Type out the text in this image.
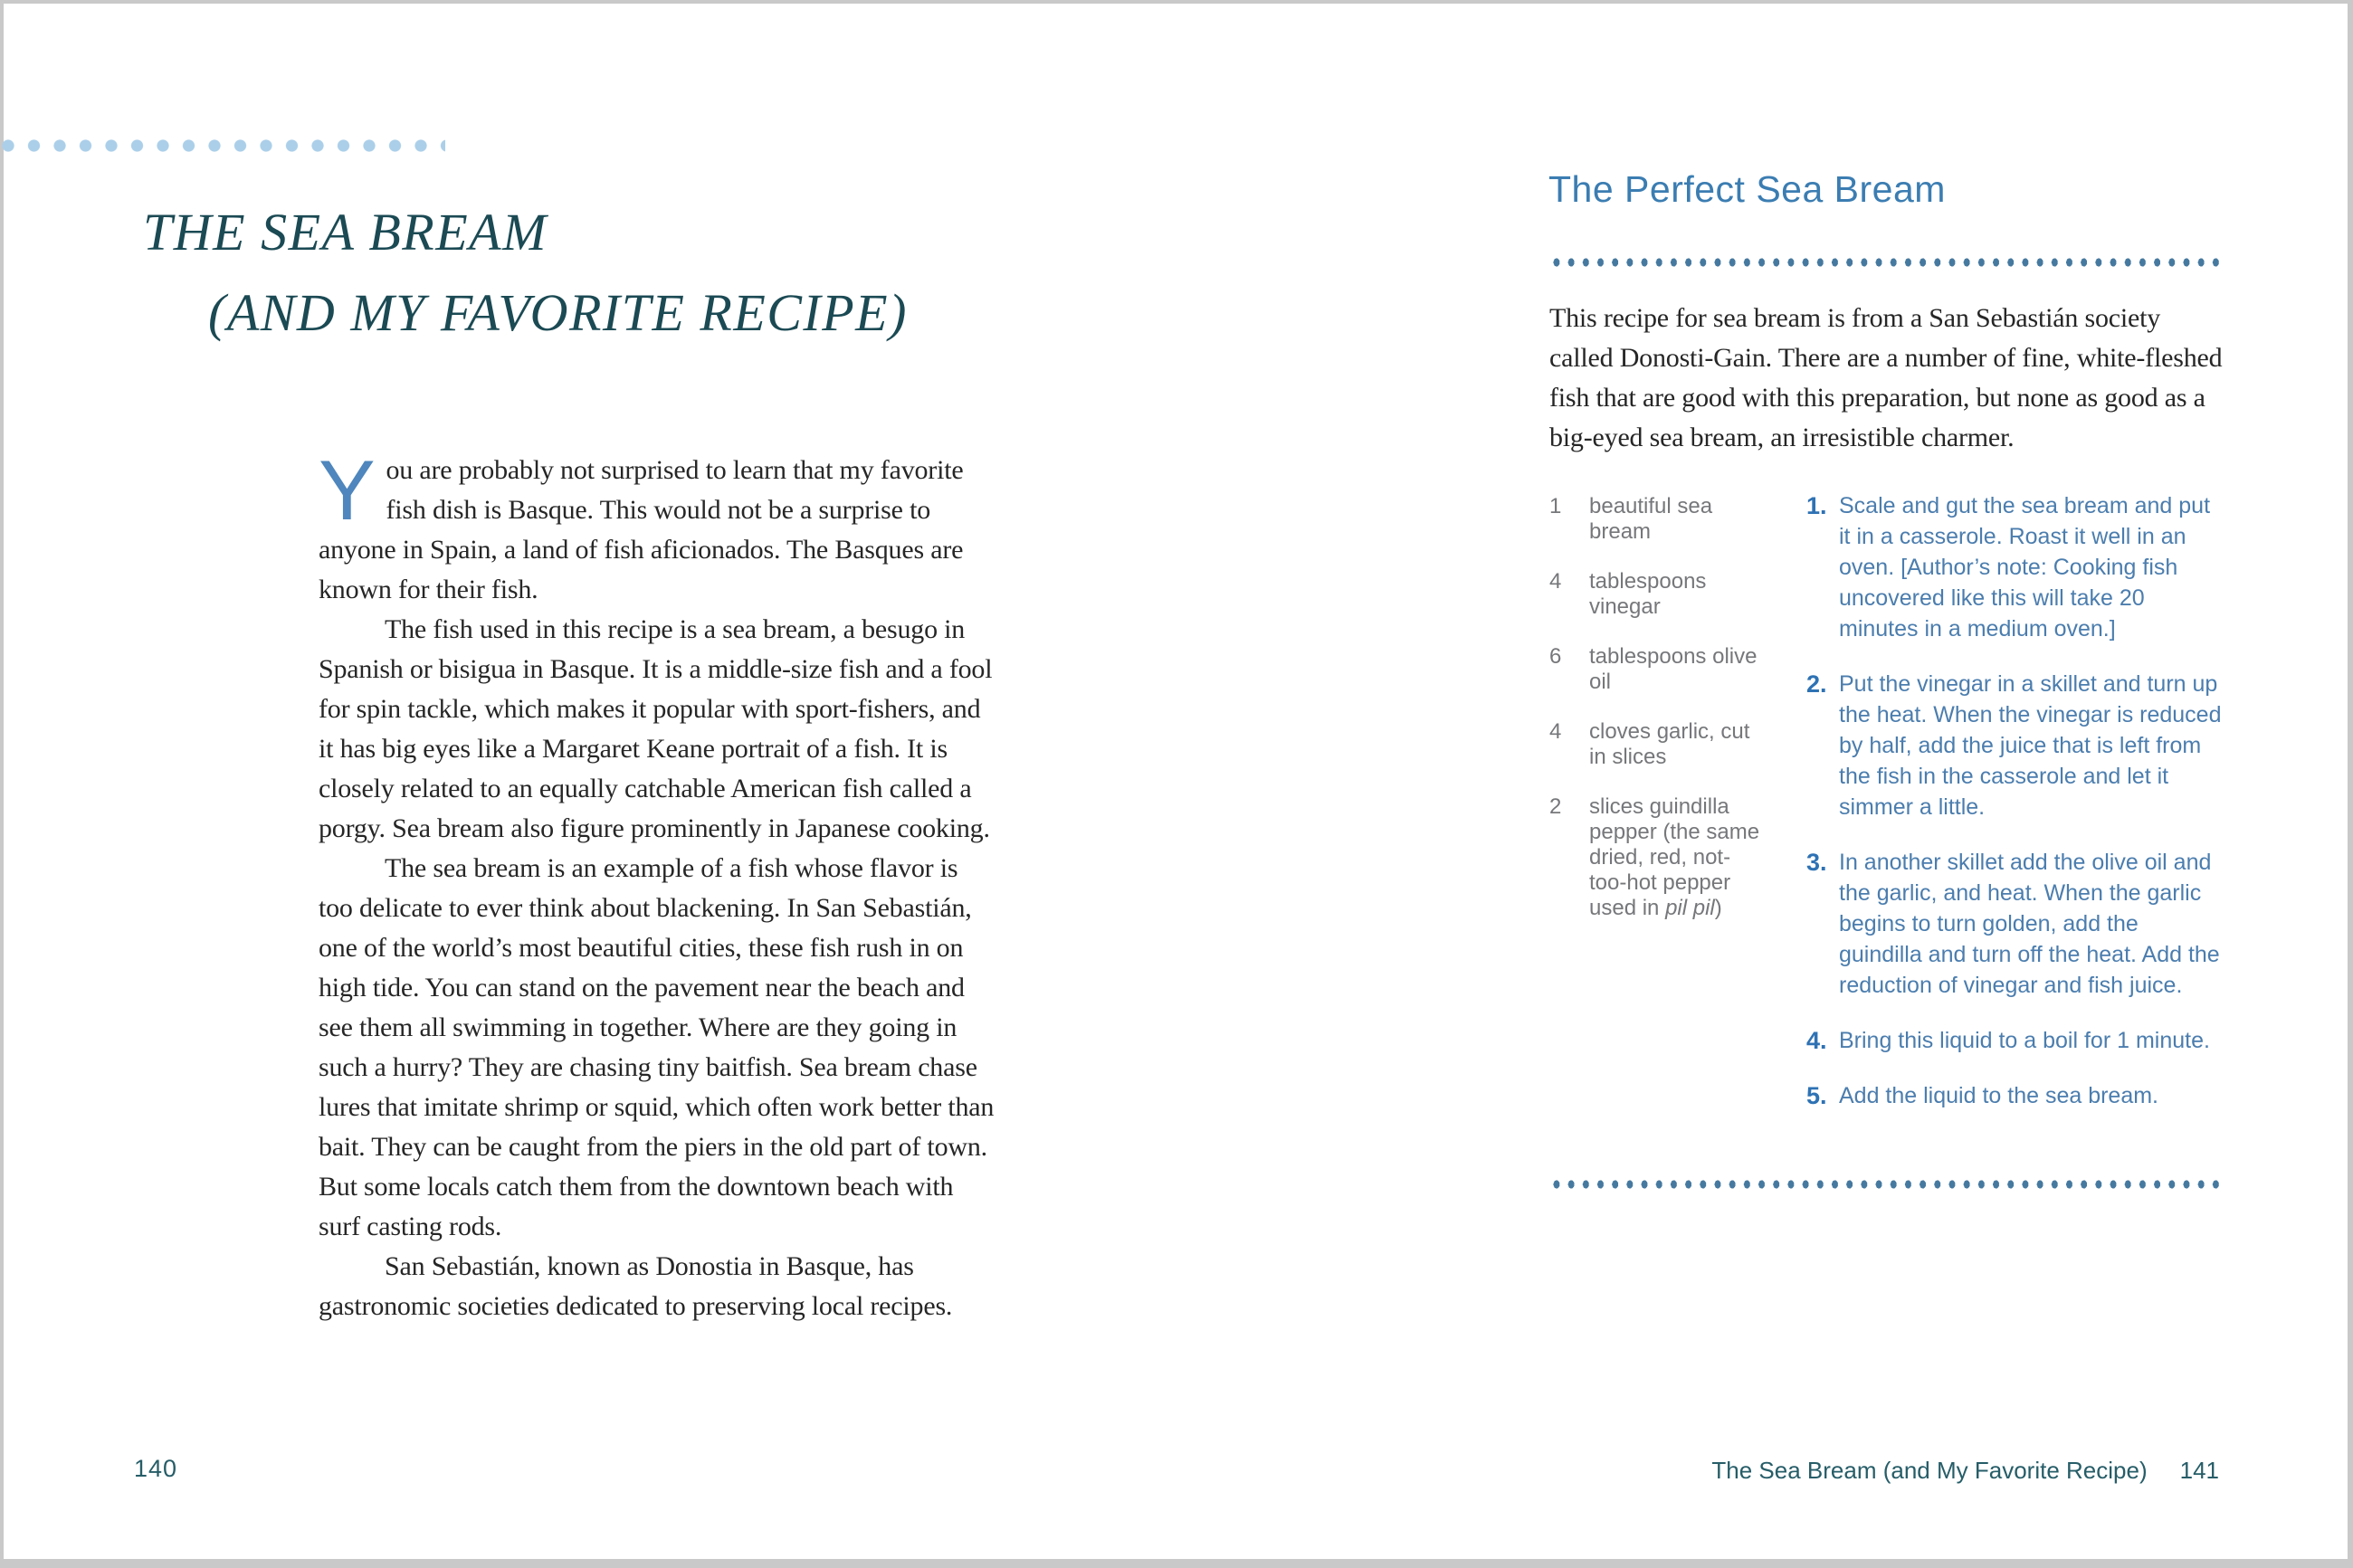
THE SEA BREAM
(AND MY FAVORITE RECIPE)

You are probably not surprised to learn that my favorite fish dish is Basque. This would not be a surprise to anyone in Spain, a land of fish aficionados. The Basques are known for their fish.

The fish used in this recipe is a sea bream, a besugo in Spanish or bisigua in Basque. It is a middle-size fish and a fool for spin tackle, which makes it popular with sport-fishers, and it has big eyes like a Margaret Keane portrait of a fish. It is closely related to an equally catchable American fish called a porgy. Sea bream also figure prominently in Japanese cooking.

The sea bream is an example of a fish whose flavor is too delicate to ever think about blackening. In San Sebastián, one of the world’s most beautiful cities, these fish rush in on high tide. You can stand on the pavement near the beach and see them all swimming in together. Where are they going in such a hurry? They are chasing tiny baitfish. Sea bream chase lures that imitate shrimp or squid, which often work better than bait. They can be caught from the piers in the old part of town. But some locals catch them from the downtown beach with surf casting rods.

San Sebastián, known as Donostia in Basque, has gastronomic societies dedicated to preserving local recipes.

140
The Perfect Sea Bream
This recipe for sea bream is from a San Sebastián society called Donosti-Gain. There are a number of fine, white-fleshed fish that are good with this preparation, but none as good as a big-eyed sea bream, an irresistible charmer.
1	beautiful sea bream
4	tablespoons vinegar
6	tablespoons olive oil
4	cloves garlic, cut in slices
2	slices guindilla pepper (the same dried, red, not-too-hot pepper used in pil pil)
1. Scale and gut the sea bream and put it in a casserole. Roast it well in an oven. [Author’s note: Cooking fish uncovered like this will take 20 minutes in a medium oven.]
2. Put the vinegar in a skillet and turn up the heat. When the vinegar is reduced by half, add the juice that is left from the fish in the casserole and let it simmer a little.
3. In another skillet add the olive oil and the garlic, and heat. When the garlic begins to turn golden, add the guindilla and turn off the heat. Add the reduction of vinegar and fish juice.
4. Bring this liquid to a boil for 1 minute.
5. Add the liquid to the sea bream.
The Sea Bream (and My Favorite Recipe) 141
